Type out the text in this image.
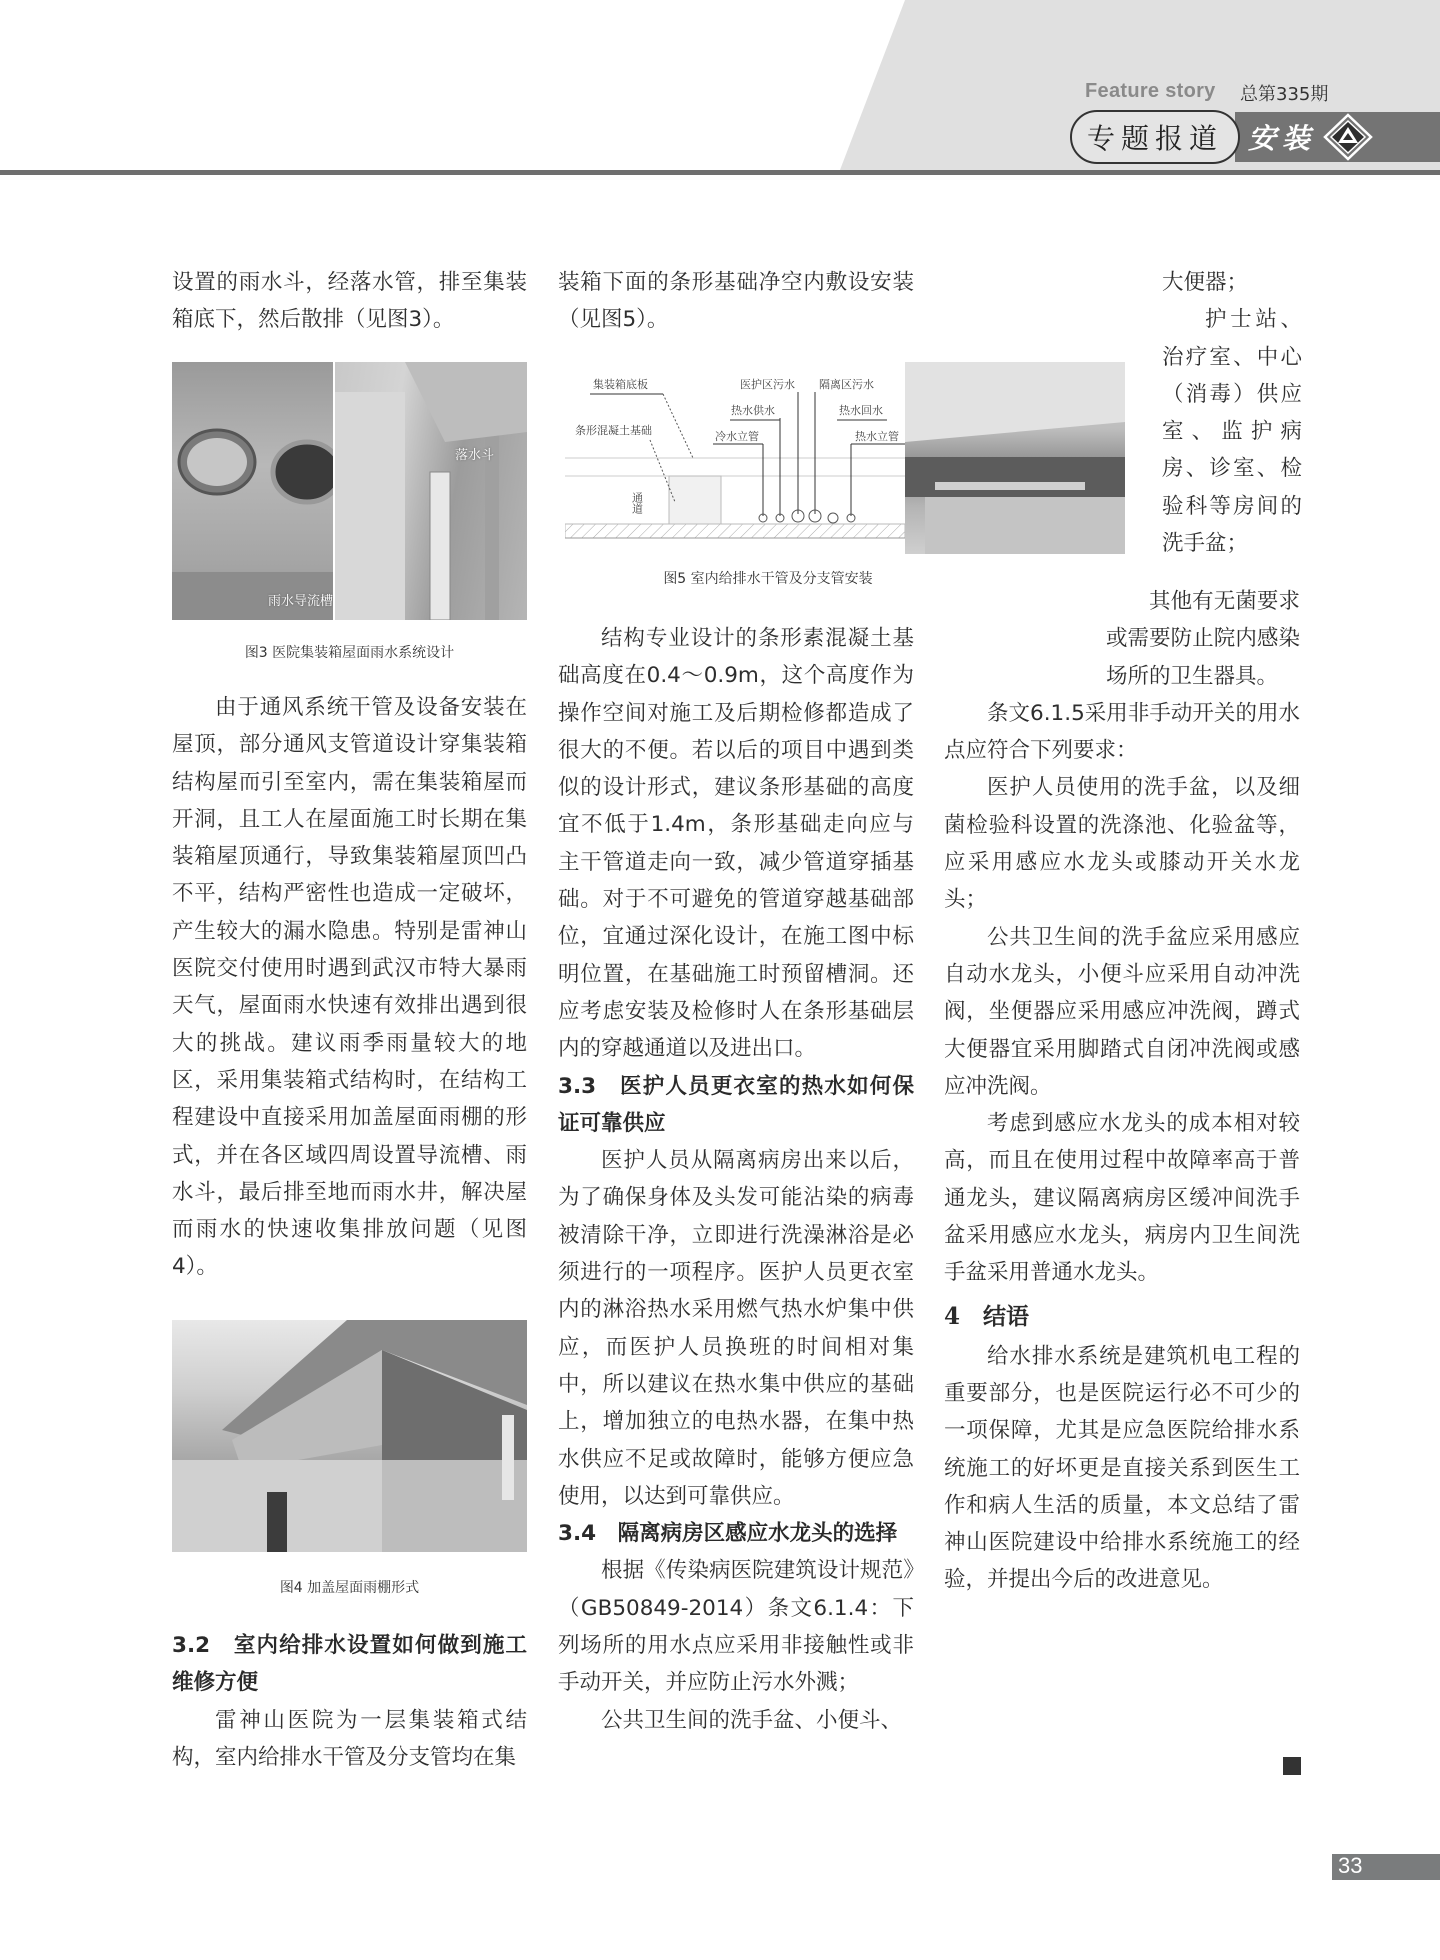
Feature story 总第335期
专题报道 安装

设置的雨水斗，经落水管，排至集装箱底下，然后散排（见图3）。

雨水导流槽
落水斗
图3 医院集装箱屋面雨水系统设计

由于通风系统干管及设备安装在屋顶，部分通风支管道设计穿集装箱结构屋而引至室内，需在集装箱屋而开洞，且工人在屋面施工时长期在集装箱屋顶通行，导致集装箱屋顶凹凸不平，结构严密性也造成一定破坏，产生较大的漏水隐患。特别是雷神山医院交付使用时遇到武汉市特大暴雨天气，屋面雨水快速有效排出遇到很大的挑战。建议雨季雨量较大的地区，采用集装箱式结构时，在结构工程建设中直接采用加盖屋面雨棚的形式，并在各区域四周设置导流槽、雨水斗，最后排至地而雨水井，解决屋而雨水的快速收集排放问题（见图4）。

图4 加盖屋面雨棚形式
3.2　室内给排水设置如何做到施工维修方便

雷神山医院为一层集装箱式结构，室内给排水干管及分支管均在集

装箱下面的条形基础净空内敷设安装（见图5）。

集装箱底板
条形混凝土基础
通道
冷水立管
热水供水
医护区污水 隔离区污水
热水回水
热水立管
图5 室内给排水干管及分支管安装

结构专业设计的条形素混凝土基础高度在0.4～0.9m，这个高度作为操作空间对施工及后期检修都造成了很大的不便。若以后的项目中遇到类似的设计形式，建议条形基础的高度宜不低于1.4m，条形基础走向应与主干管道走向一致，减少管道穿插基础。对于不可避免的管道穿越基础部位，宜通过深化设计，在施工图中标明位置，在基础施工时预留槽洞。还应考虑安装及检修时人在条形基础层内的穿越通道以及进出口。

3.3　医护人员更衣室的热水如何保证可靠供应

医护人员从隔离病房出来以后，为了确保身体及头发可能沾染的病毒被清除干净，立即进行洗澡淋浴是必须进行的一项程序。医护人员更衣室内的淋浴热水采用燃气热水炉集中供应，而医护人员换班的时间相对集中，所以建议在热水集中供应的基础上，增加独立的电热水器，在集中热水供应不足或故障时，能够方便应急使用，以达到可靠供应。

3.4　隔离病房区感应水龙头的选择

根据《传染病医院建筑设计规范》（GB50849-2014）条文6.1.4：下列场所的用水点应采用非接触性或非手动开关，并应防止污水外溅；

公共卫生间的洗手盆、小便斗、

大便器；

护士站、治疗室、中心（消毒）供应室、监护病房、诊室、检验科等房间的洗手盆；

其他有无菌要求或需要防止院内感染场所的卫生器具。

条文6.1.5采用非手动开关的用水点应符合下列要求：

医护人员使用的洗手盆，以及细菌检验科设置的洗涤池、化验盆等，应采用感应水龙头或膝动开关水龙头；

公共卫生间的洗手盆应采用感应自动水龙头，小便斗应采用自动冲洗阀，坐便器应采用感应冲洗阀，蹲式大便器宜采用脚踏式自闭冲洗阀或感应冲洗阀。

考虑到感应水龙头的成本相对较高，而且在使用过程中故障率高于普通龙头，建议隔离病房区缓冲间洗手盆采用感应水龙头，病房内卫生间洗手盆采用普通水龙头。

4　结语

给水排水系统是建筑机电工程的重要部分，也是医院运行必不可少的一项保障，尤其是应急医院给排水系统施工的好坏更是直接关系到医生工作和病人生活的质量，本文总结了雷神山医院建设中给排水系统施工的经验，并提出今后的改进意见。

33
